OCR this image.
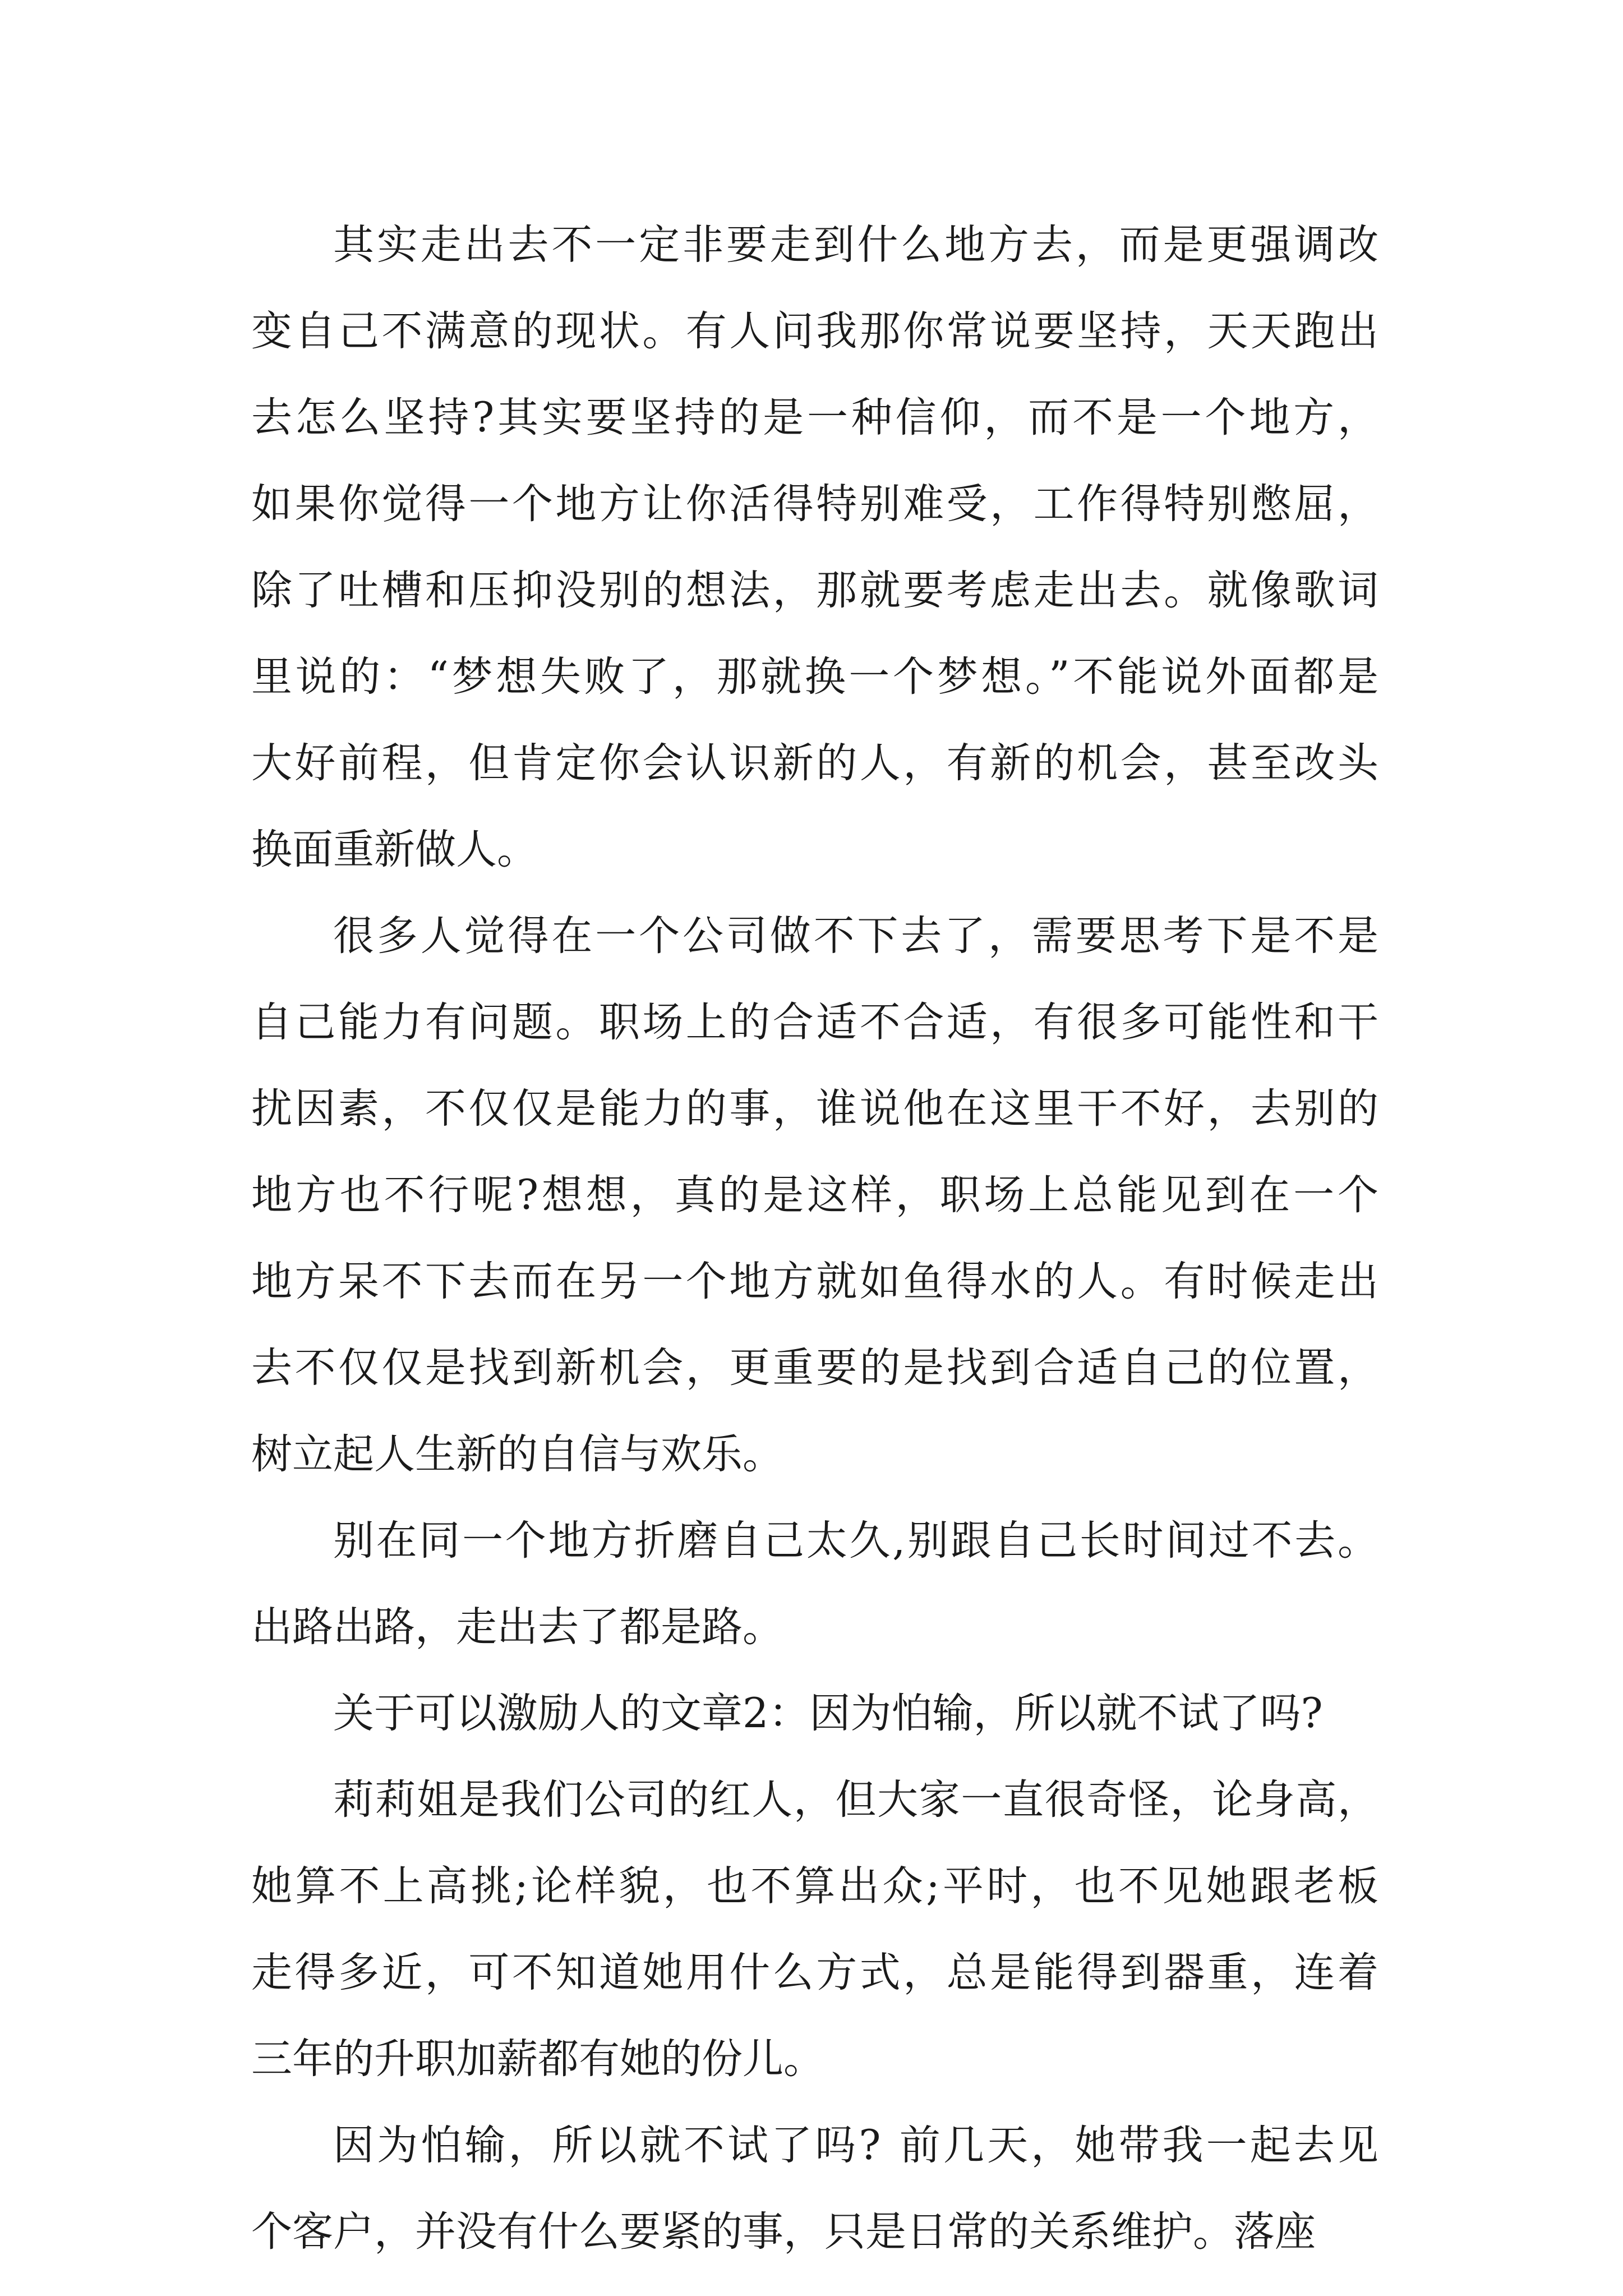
其实走出去不一定非要走到什么地方去，而是更强调改
变自己不满意的现状。有人问我那你常说要坚持，天天跑出
去怎么坚持?其实要坚持的是一种信仰，而不是一个地方，
如果你觉得一个地方让你活得特别难受，工作得特别憋屈，
除了吐槽和压抑没别的想法，那就要考虑走出去。就像歌词
里说的：“梦想失败了，那就换一个梦想。”不能说外面都是
大好前程，但肯定你会认识新的人，有新的机会，甚至改头
换面重新做人。
很多人觉得在一个公司做不下去了，需要思考下是不是
自己能力有问题。职场上的合适不合适，有很多可能性和干
扰因素，不仅仅是能力的事，谁说他在这里干不好，去别的
地方也不行呢?想想，真的是这样，职场上总能见到在一个
地方呆不下去而在另一个地方就如鱼得水的人。有时候走出
去不仅仅是找到新机会，更重要的是找到合适自己的位置，
树立起人生新的自信与欢乐。
别在同一个地方折磨自己太久,别跟自己长时间过不去。
出路出路，走出去了都是路。
关于可以激励人的文章2：因为怕输，所以就不试了吗?
莉莉姐是我们公司的红人，但大家一直很奇怪，论身高，
她算不上高挑;论样貌，也不算出众;平时，也不见她跟老板
走得多近，可不知道她用什么方式，总是能得到器重，连着
三年的升职加薪都有她的份儿。
因为怕输，所以就不试了吗? 前几天，她带我一起去见
个客户，并没有什么要紧的事，只是日常的关系维护。落座
